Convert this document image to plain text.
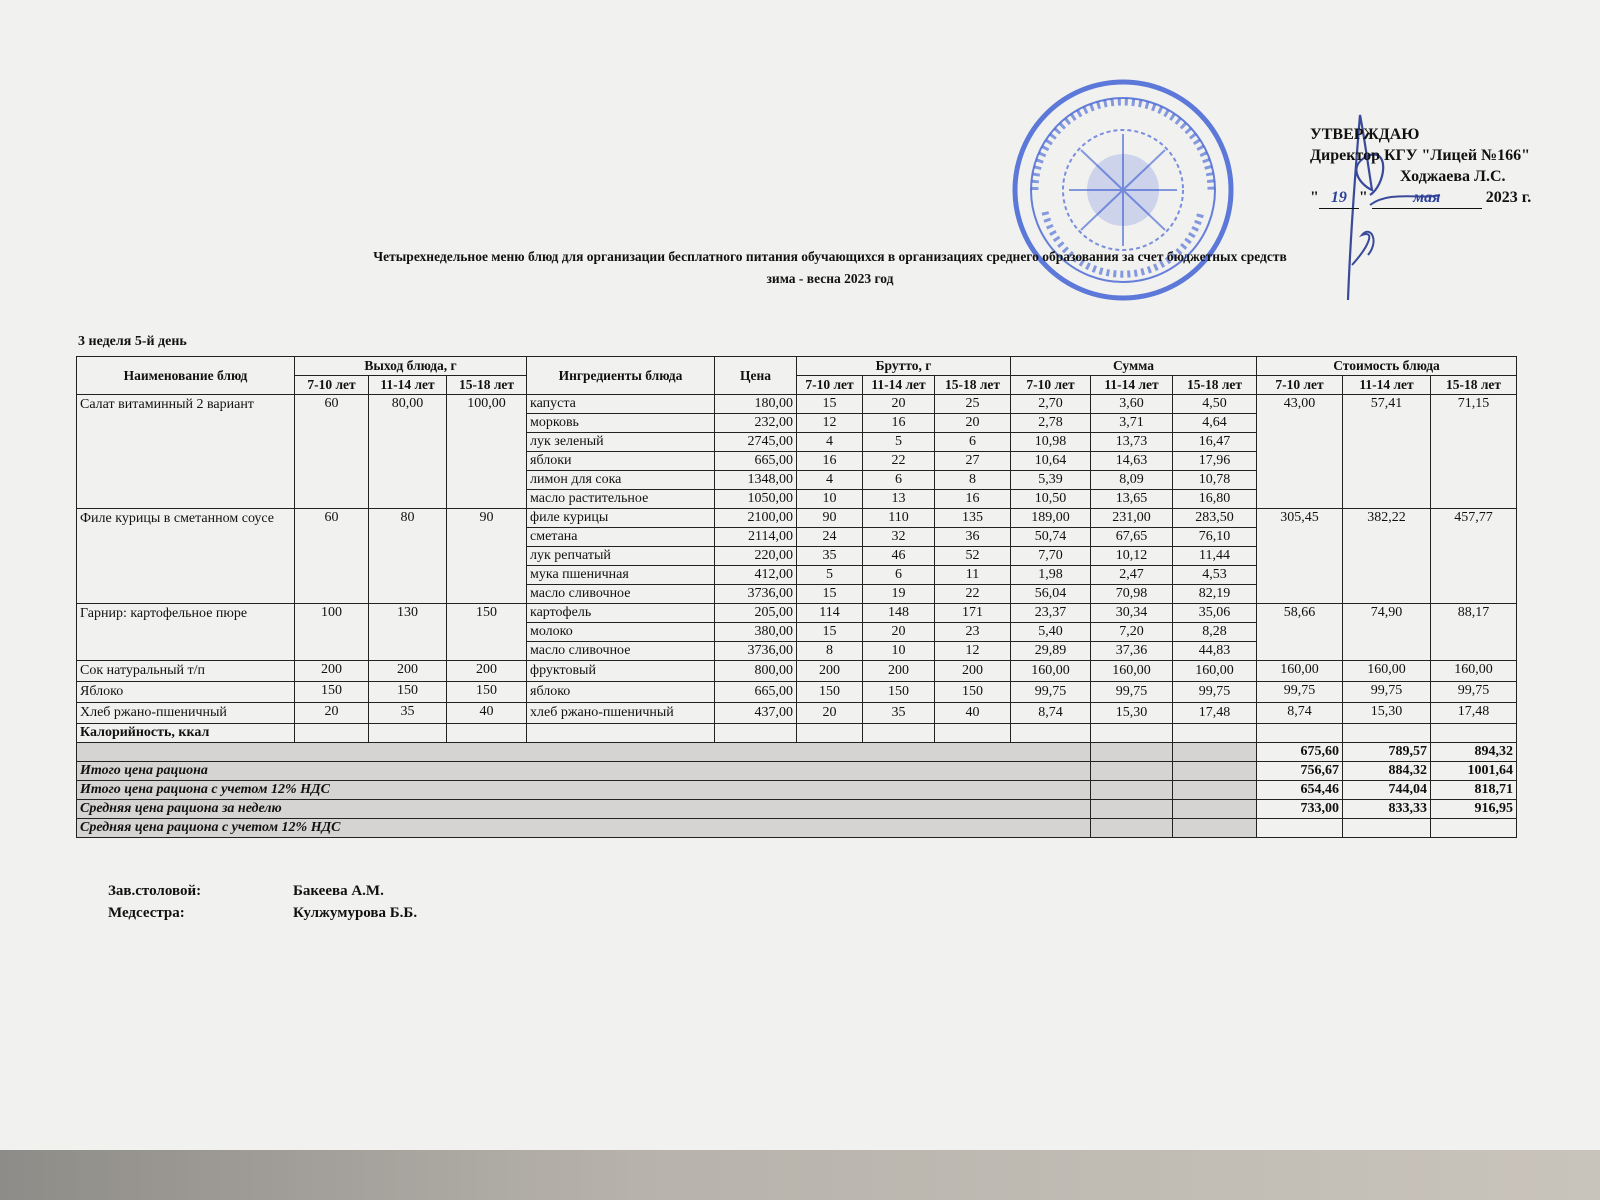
УТВЕРЖДАЮ
Директор КГУ "Лицей №166"
Ходжаева Л.С.
" 19 "	мая	2023 г.
Четырехнедельное меню блюд для организации бесплатного питания обучающихся в организациях среднего образования за счет бюджетных средств
зима - весна 2023 год
3 неделя 5-й день
Наименование блюд	Выход блюда, г			Ингредиенты блюда	Цена	Брутто, г			Сумма			Стоимость блюда		
	7-10 лет	11-14 лет	15-18 лет			7-10 лет	11-14 лет	15-18 лет	7-10 лет	11-14 лет	15-18 лет	7-10 лет	11-14 лет	15-18 лет
Салат витаминный 2 вариант	60	80,00	100,00	капуста	180,00	15	20	25	2,70	3,60	4,50	43,00	57,41	71,15
				морковь	232,00	12	16	20	2,78	3,71	4,64			
				лук зеленый	2745,00	4	5	6	10,98	13,73	16,47			
				яблоки	665,00	16	22	27	10,64	14,63	17,96			
				лимон для сока	1348,00	4	6	8	5,39	8,09	10,78			
				масло растительное	1050,00	10	13	16	10,50	13,65	16,80			
Филе курицы в сметанном соусе	60	80	90	филе курицы	2100,00	90	110	135	189,00	231,00	283,50	305,45	382,22	457,77
				сметана	2114,00	24	32	36	50,74	67,65	76,10			
				лук репчатый	220,00	35	46	52	7,70	10,12	11,44			
				мука пшеничная	412,00	5	6	11	1,98	2,47	4,53			
				масло сливочное	3736,00	15	19	22	56,04	70,98	82,19			
Гарнир: картофельное пюре	100	130	150	картофель	205,00	114	148	171	23,37	30,34	35,06	58,66	74,90	88,17
				молоко	380,00	15	20	23	5,40	7,20	8,28			
				масло сливочное	3736,00	8	10	12	29,89	37,36	44,83			
Сок натуральный т/п	200	200	200	фруктовый	800,00	200	200	200	160,00	160,00	160,00	160,00	160,00	160,00
Яблоко	150	150	150	яблоко	665,00	150	150	150	99,75	99,75	99,75	99,75	99,75	99,75
Хлеб ржано-пшеничный	20	35	40	хлеб ржано-пшеничный	437,00	20	35	40	8,74	15,30	17,48	8,74	15,30	17,48
Калорийность, ккал														
												675,60	789,57	894,32
Итого цена рациона												756,67	884,32	1001,64
Итого цена рациона с учетом 12% НДС												654,46	744,04	818,71
Средняя цена рациона за неделю												733,00	833,33	916,95
Средняя цена рациона с учетом 12% НДС														
Зав.столовой:	Бакеева А.М.
Медсестра:	Кулжумурова Б.Б.
